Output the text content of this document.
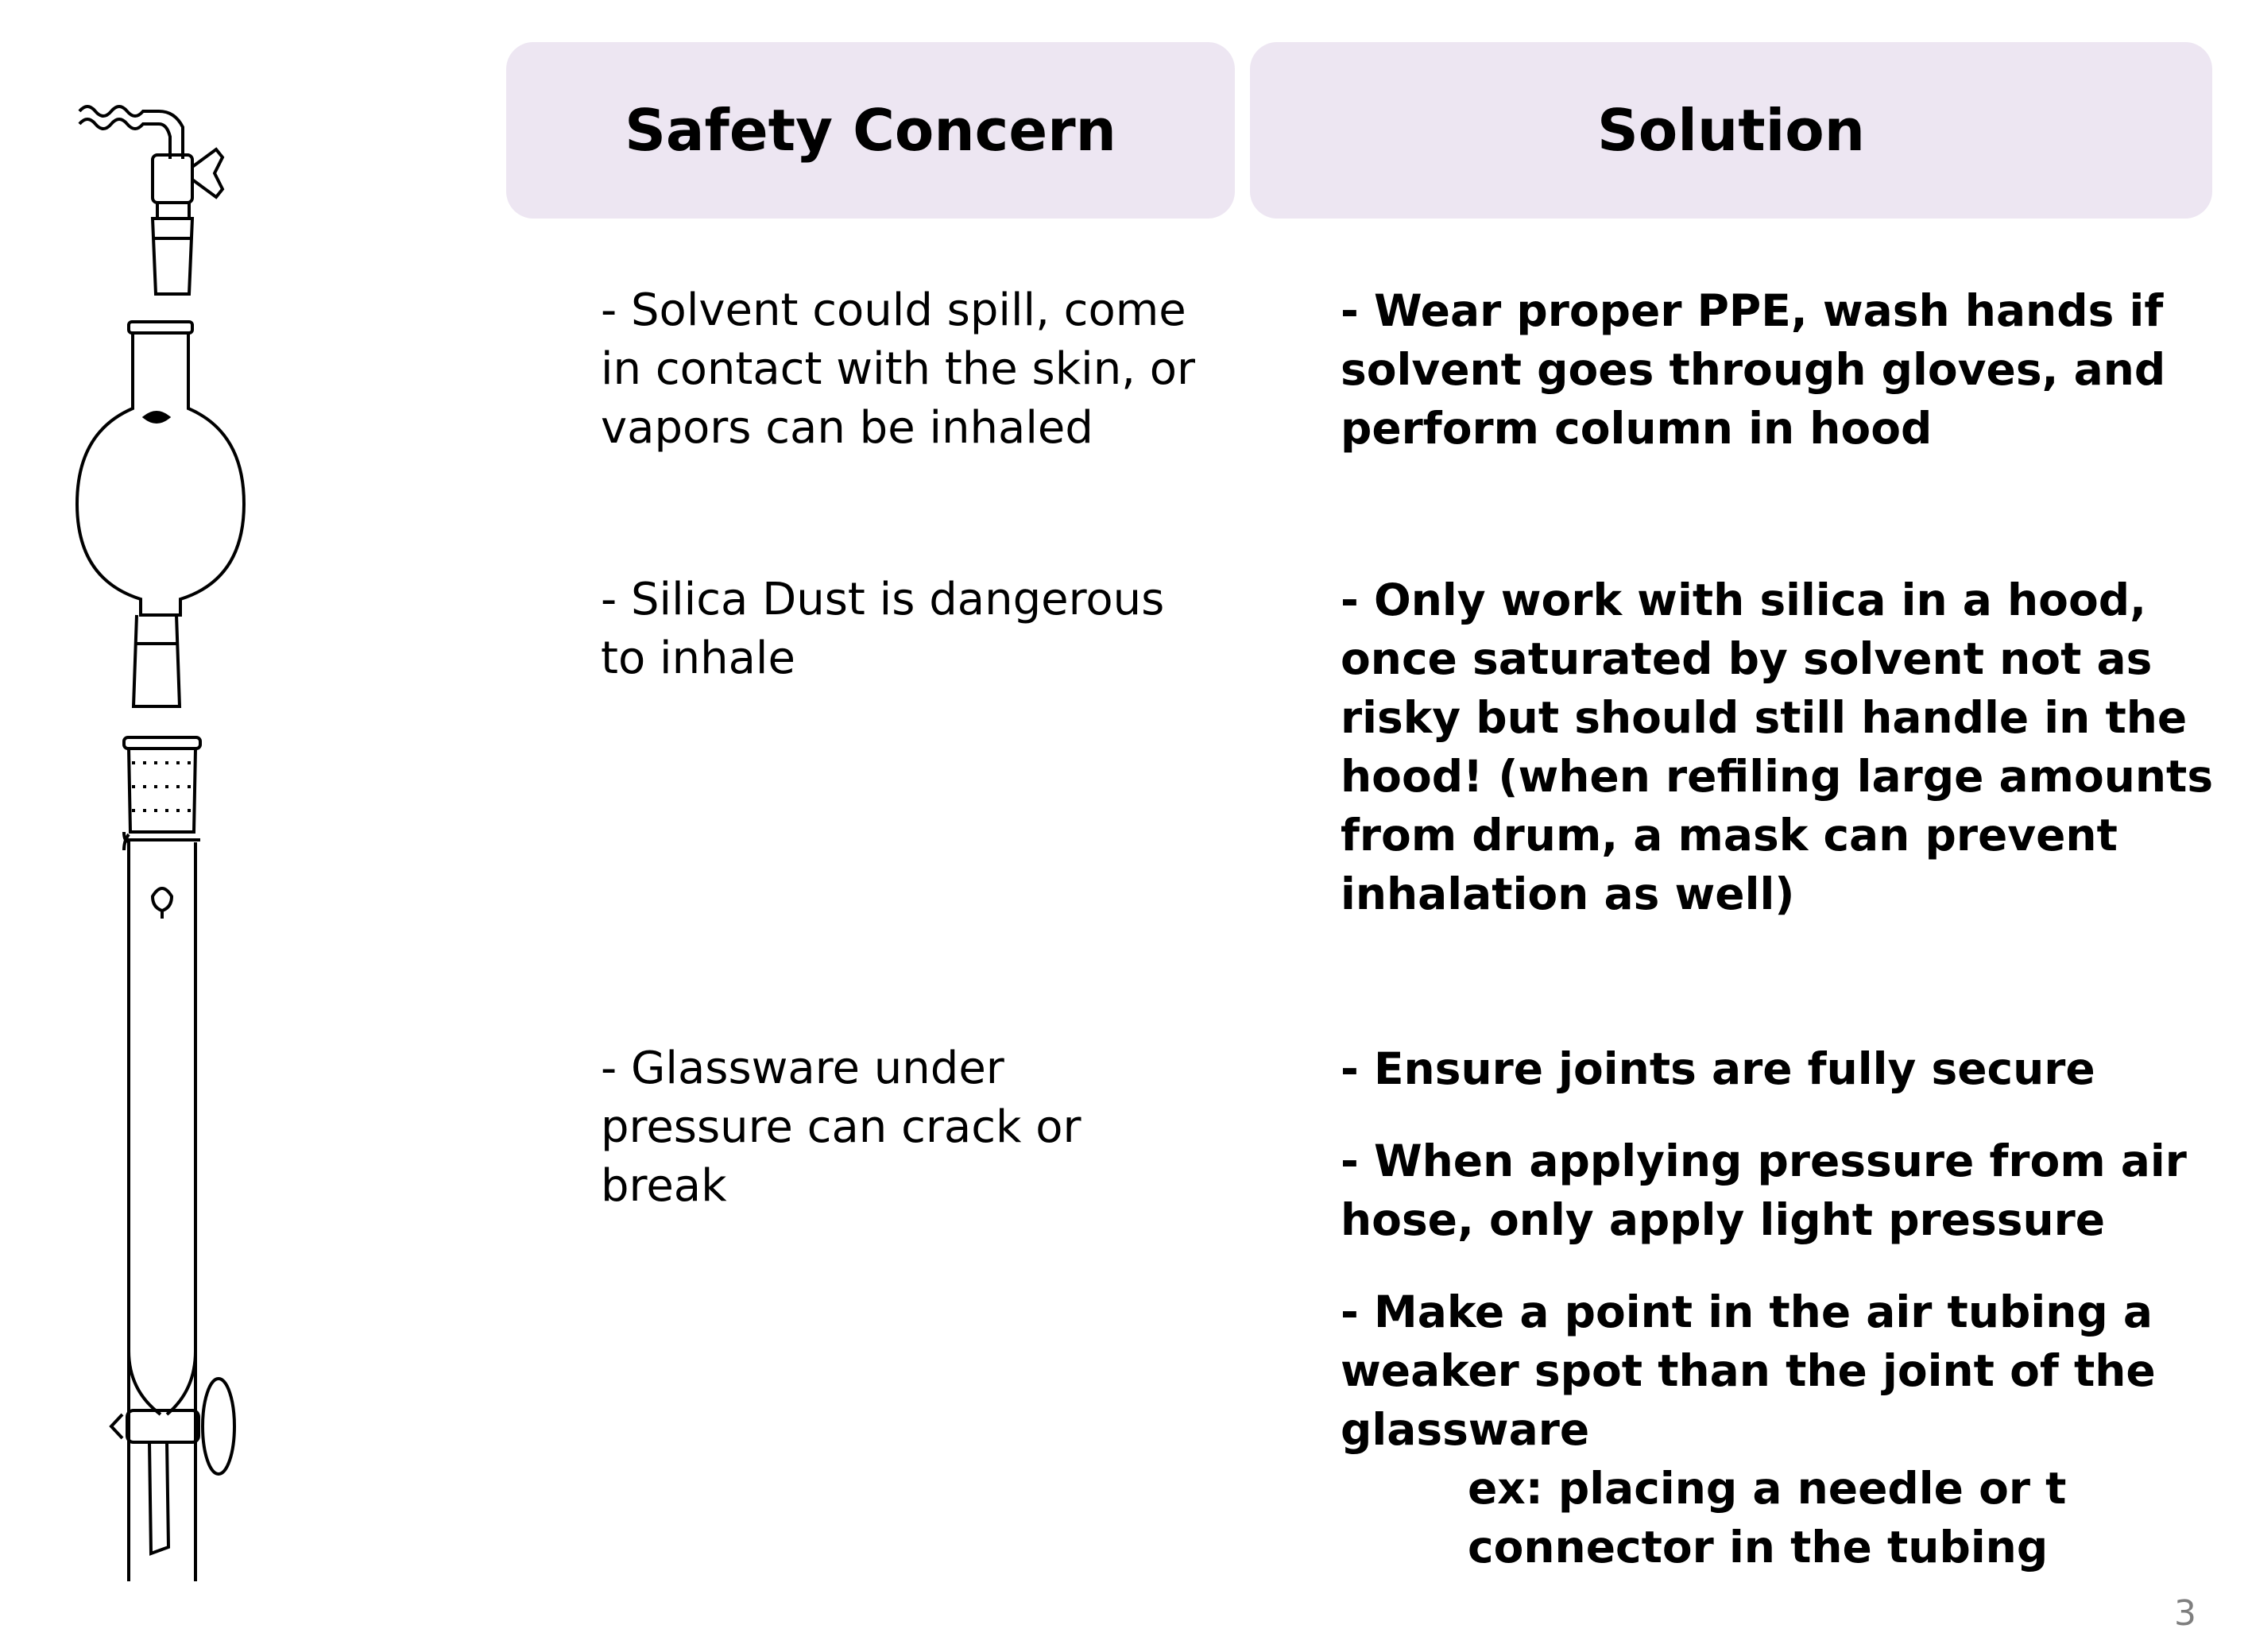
Safety Concern	Solution
- Solvent could spill, come in contact with the skin, or vapors can be inhaled
- Wear proper PPE, wash hands if solvent goes through gloves, and perform column in hood
- Silica Dust is dangerous to inhale
- Only work with silica in a hood, once saturated by solvent not as risky but should still handle in the hood! (when refiling large amounts from drum, a mask can prevent inhalation as well)
- Glassware under pressure can crack or break
- Ensure joints are fully secure
- When applying pressure from air hose, only apply light pressure
- Make a point in the air tubing a weaker spot than the joint of the glassware
ex: placing a needle or t connector in the tubing
3
